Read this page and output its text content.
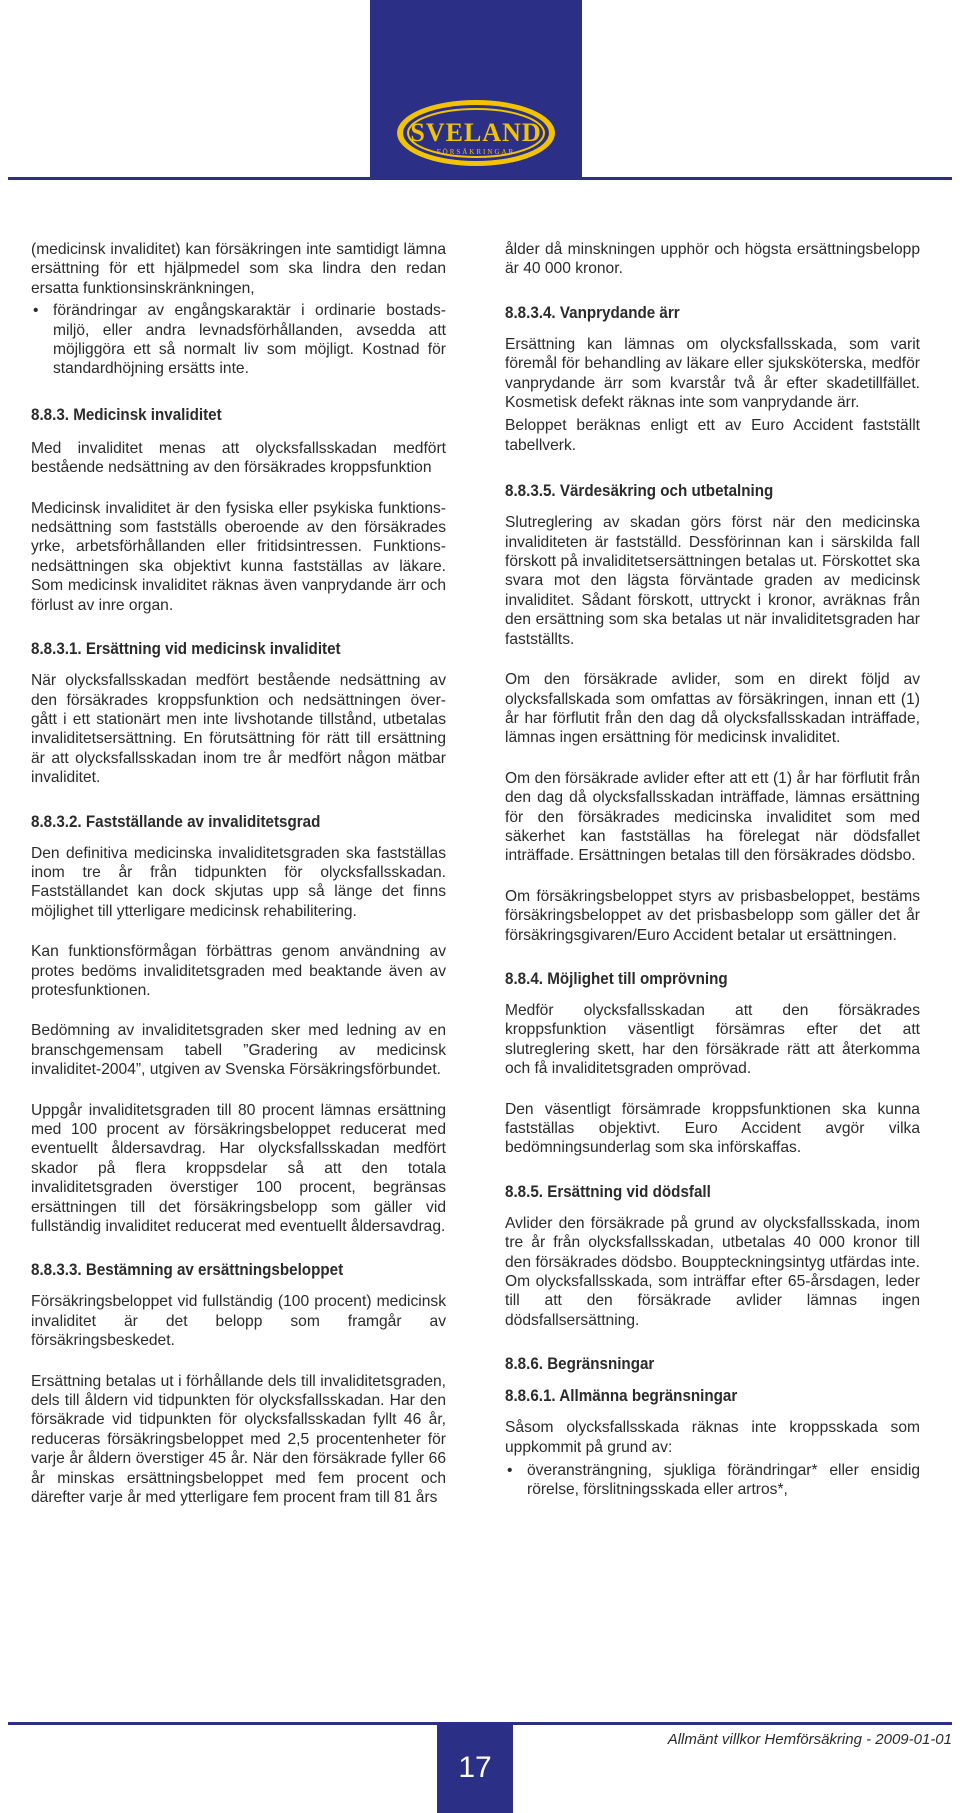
SVELAND
FÖRSÄKRINGAR

(medicinsk invaliditet) kan försäkringen inte samtidigt lämna ersättning för ett hjälpmedel som ska lindra den redan ersatta funktionsinskränkningen,

• förändringar av engångskaraktär i ordinarie bostads-miljö, eller andra levnadsförhållanden, avsedda att möjliggöra ett så normalt liv som möjligt. Kostnad för standardhöjning ersätts inte.

8.8.3. Medicinsk invaliditet

Med invaliditet menas att olycksfallsskadan medfört bestående nedsättning av den försäkrades kroppsfunktion

Medicinsk invaliditet är den fysiska eller psykiska funktions-nedsättning som fastställs oberoende av den försäkrades yrke, arbetsförhållanden eller fritidsintressen. Funktions-nedsättningen ska objektivt kunna fastställas av läkare. Som medicinsk invaliditet räknas även vanprydande ärr och förlust av inre organ.

8.8.3.1. Ersättning vid medicinsk invaliditet

När olycksfallsskadan medfört bestående nedsättning av den försäkrades kroppsfunktion och nedsättningen över-gått i ett stationärt men inte livshotande tillstånd, utbetalas invaliditetsersättning. En förutsättning för rätt till ersättning är att olycksfallsskadan inom tre år medfört någon mätbar invaliditet.

8.8.3.2. Fastställande av invaliditetsgrad

Den definitiva medicinska invaliditetsgraden ska fastställas inom tre år från tidpunkten för olycksfallsskadan. Fastställandet kan dock skjutas upp så länge det finns möjlighet till ytterligare medicinsk rehabilitering.

Kan funktionsförmågan förbättras genom användning av protes bedöms invaliditetsgraden med beaktande även av protesfunktionen.

Bedömning av invaliditetsgraden sker med ledning av en branschgemensam tabell ”Gradering av medicinsk invaliditet-2004”, utgiven av Svenska Försäkringsförbundet.

Uppgår invaliditetsgraden till 80 procent lämnas ersättning med 100 procent av försäkringsbeloppet reducerat med eventuellt åldersavdrag. Har olycksfallsskadan medfört skador på flera kroppsdelar så att den totala invaliditetsgraden överstiger 100 procent, begränsas ersättningen till det försäkringsbelopp som gäller vid fullständig invaliditet reducerat med eventuellt åldersavdrag.

8.8.3.3. Bestämning av ersättningsbeloppet

Försäkringsbeloppet vid fullständig (100 procent) medicinsk invaliditet är det belopp som framgår av försäkringsbeskedet.

Ersättning betalas ut i förhållande dels till invaliditetsgraden, dels till åldern vid tidpunkten för olycksfallsskadan. Har den försäkrade vid tidpunkten för olycksfallsskadan fyllt 46 år, reduceras försäkringsbeloppet med 2,5 procentenheter för varje år åldern överstiger 45 år. När den försäkrade fyller 66 år minskas ersättningsbeloppet med fem procent och därefter varje år med ytterligare fem procent fram till 81 års

ålder då minskningen upphör och högsta ersättningsbelopp är 40 000 kronor.

8.8.3.4. Vanprydande ärr

Ersättning kan lämnas om olycksfallsskada, som varit föremål för behandling av läkare eller sjuksköterska, medför vanprydande ärr som kvarstår två år efter skadetillfället. Kosmetisk defekt räknas inte som vanprydande ärr.

Beloppet beräknas enligt ett av Euro Accident fastställt tabellverk.

8.8.3.5. Värdesäkring och utbetalning

Slutreglering av skadan görs först när den medicinska invaliditeten är fastställd. Dessförinnan kan i särskilda fall förskott på invaliditetsersättningen betalas ut. Förskottet ska svara mot den lägsta förväntade graden av medicinsk invaliditet. Sådant förskott, uttryckt i kronor, avräknas från den ersättning som ska betalas ut när invaliditetsgraden har fastställts.

Om den försäkrade avlider, som en direkt följd av olycksfallskada som omfattas av försäkringen, innan ett (1) år har förflutit från den dag då olycksfallsskadan inträffade, lämnas ingen ersättning för medicinsk invaliditet.

Om den försäkrade avlider efter att ett (1) år har förflutit från den dag då olycksfallsskadan inträffade, lämnas ersättning för den försäkrades medicinska invaliditet som med säkerhet kan fastställas ha förelegat när dödsfallet inträffade. Ersättningen betalas till den försäkrades dödsbo.

Om försäkringsbeloppet styrs av prisbasbeloppet, bestäms försäkringsbeloppet av det prisbasbelopp som gäller det år försäkringsgivaren/Euro Accident betalar ut ersättningen.

8.8.4. Möjlighet till omprövning

Medför olycksfallsskadan att den försäkrades kroppsfunktion väsentligt försämras efter det att slutreglering skett, har den försäkrade rätt att återkomma och få invaliditetsgraden omprövad.

Den väsentligt försämrade kroppsfunktionen ska kunna fastställas objektivt. Euro Accident avgör vilka bedömningsunderlag som ska införskaffas.

8.8.5. Ersättning vid dödsfall

Avlider den försäkrade på grund av olycksfallsskada, inom tre år från olycksfallsskadan, utbetalas 40 000 kronor till den försäkrades dödsbo. Bouppteckningsintyg utfärdas inte. Om olycksfallsskada, som inträffar efter 65-årsdagen, leder till att den försäkrade avlider lämnas ingen dödsfallsersättning.

8.8.6. Begränsningar

8.8.6.1. Allmänna begränsningar

Såsom olycksfallsskada räknas inte kroppsskada som uppkommit på grund av:

• överansträngning, sjukliga förändringar* eller ensidig rörelse, förslitningsskada eller artros*,
17
Allmänt villkor Hemförsäkring - 2009-01-01
